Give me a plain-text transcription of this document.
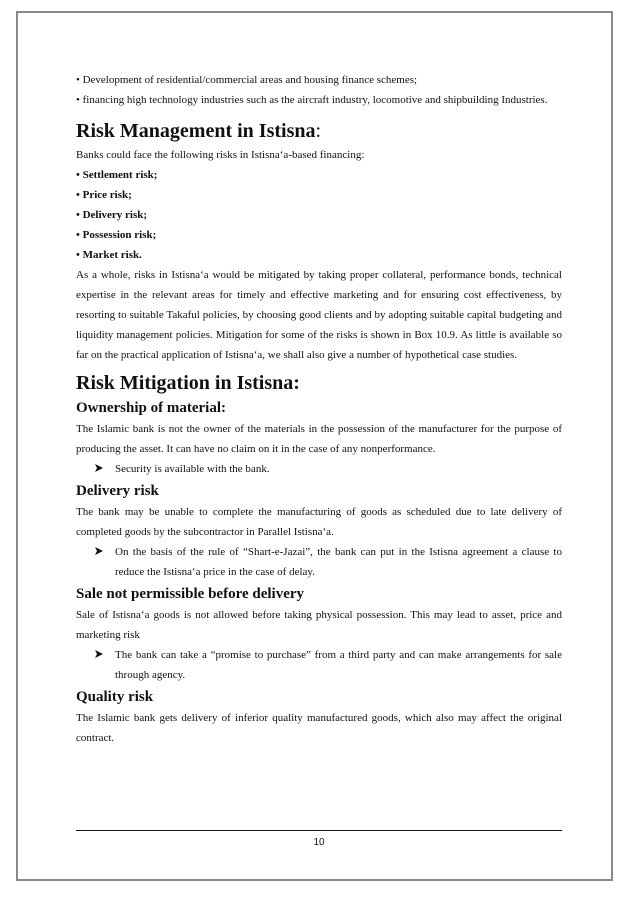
• Development of residential/commercial areas and housing finance schemes;

• financing high technology industries such as the aircraft industry, locomotive and shipbuilding Industries.

Risk Management in Istisna:

Banks could face the following risks in Istisna‘a-based financing:

• Settlement risk;

• Price risk;

• Delivery risk;

• Possession risk;

• Market risk.

As a whole, risks in Istisna‘a would be mitigated by taking proper collateral, performance bonds, technical expertise in the relevant areas for timely and effective marketing and for ensuring cost effectiveness, by resorting to suitable Takaful policies, by choosing good clients and by adopting suitable capital budgeting and liquidity management policies. Mitigation for some of the risks is shown in Box 10.9. As little is available so far on the practical application of Istisna‘a, we shall also give a number of hypothetical case studies.

Risk Mitigation in Istisna:
Ownership of material:

The Islamic bank is not the owner of the materials in the possession of the manufacturer for the purpose of producing the asset. It can have no claim on it in the case of any nonperformance.

Security is available with the bank.
Delivery risk

The bank may be unable to complete the manufacturing of goods as scheduled due to late delivery of completed goods by the subcontractor in Parallel Istisna‘a.

On the basis of the rule of “Shart-e-Jazai”, the bank can put in the Istisna agreement a clause to reduce the Istisna‘a price in the case of delay.
Sale not permissible before delivery

Sale of Istisna‘a goods is not allowed before taking physical possession. This may lead to asset, price and marketing risk

The bank can take a “promise to purchase” from a third party and can make arrangements for sale through agency.
Quality risk

The Islamic bank gets delivery of inferior quality manufactured goods, which also may affect the original contract.

10
